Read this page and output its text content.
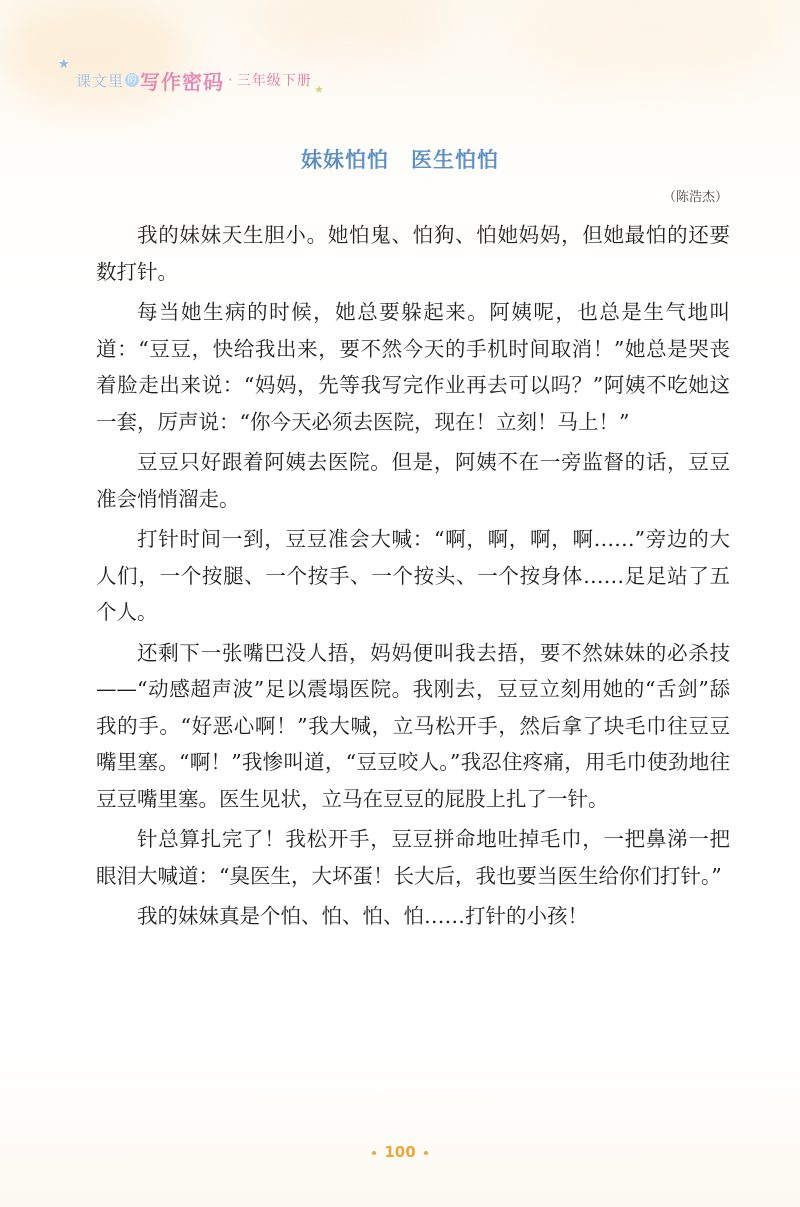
★
★
课文里 的 写作密码 · 三年级下册
妹妹怕怕　医生怕怕
（陈浩杰）

我的妹妹天生胆小。她怕鬼、怕狗、怕她妈妈，但她最怕的还要数打针。

每当她生病的时候，她总要躲起来。阿姨呢，也总是生气地叫道：“豆豆，快给我出来，要不然今天的手机时间取消！”她总是哭丧着脸走出来说：“妈妈，先等我写完作业再去可以吗？”阿姨不吃她这一套，厉声说：“你今天必须去医院，现在！立刻！马上！”

豆豆只好跟着阿姨去医院。但是，阿姨不在一旁监督的话，豆豆准会悄悄溜走。

打针时间一到，豆豆准会大喊：“啊，啊，啊，啊……”旁边的大人们，一个按腿、一个按手、一个按头、一个按身体……足足站了五个人。

还剩下一张嘴巴没人捂，妈妈便叫我去捂，要不然妹妹的必杀技——“动感超声波”足以震塌医院。我刚去，豆豆立刻用她的“舌剑”舔我的手。“好恶心啊！”我大喊，立马松开手，然后拿了块毛巾往豆豆嘴里塞。“啊！”我惨叫道，“豆豆咬人。”我忍住疼痛，用毛巾使劲地往豆豆嘴里塞。医生见状，立马在豆豆的屁股上扎了一针。

针总算扎完了！我松开手，豆豆拼命地吐掉毛巾，一把鼻涕一把眼泪大喊道：“臭医生，大坏蛋！长大后，我也要当医生给你们打针。”

我的妹妹真是个怕、怕、怕、怕……打针的小孩！

100
